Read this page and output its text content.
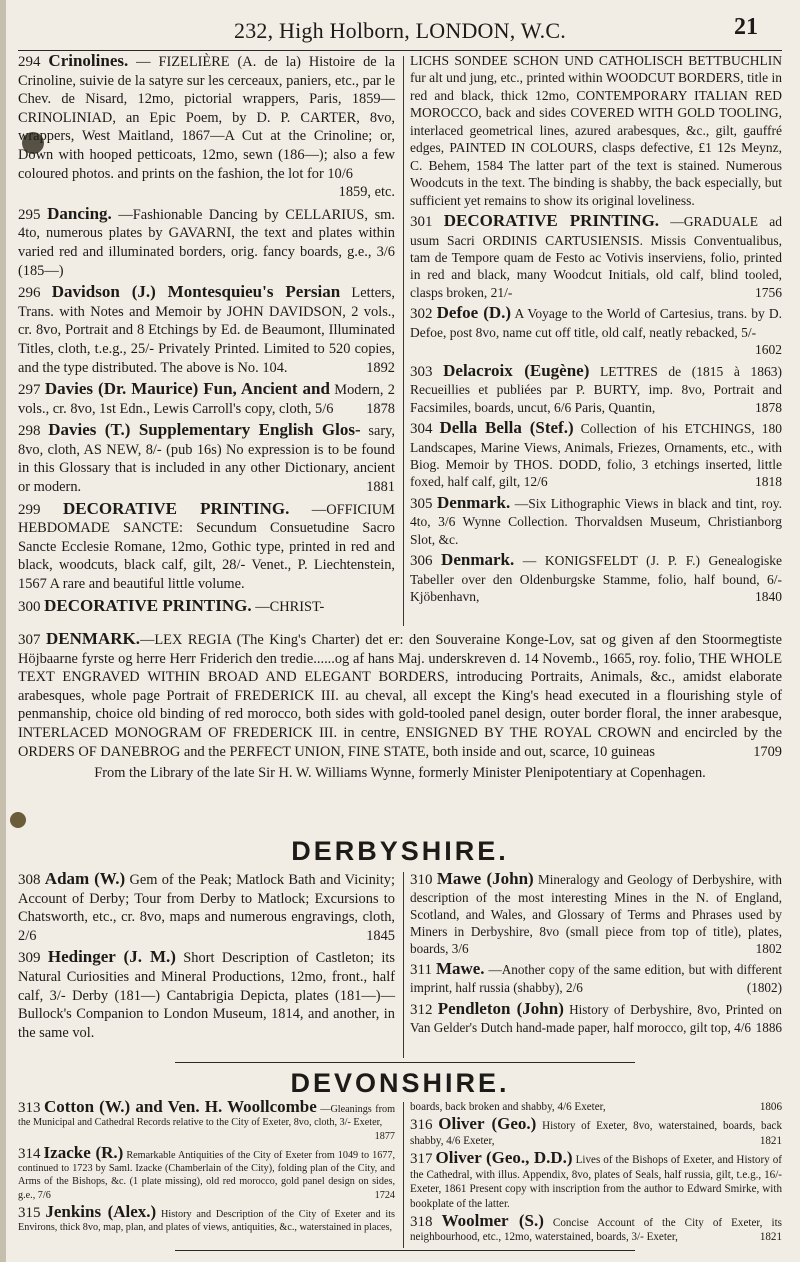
232, High Holborn, LONDON, W.C.	21
294 Crinolines. — FIZELIÈRE (A. de la) Histoire de la Crinoline, suivie de la satyre sur les cerceaux, paniers, etc., par le Chev. de Nisard, 12mo, pictorial wrappers, Paris, 1859—CRINOLINIAD, an Epic Poem, by D. P. CARTER, 8vo, wrappers, West Maitland, 1867—A Cut at the Crinoline; or, Down with hooped petticoats, 12mo, sewn (186—); also a few coloured photos. and prints on the fashion, the lot for 10/6
1859, etc.
295 Dancing. —Fashionable Dancing by CELLARIUS, sm. 4to, numerous plates by GAVARNI, the text and plates within varied red and illuminated borders, orig. fancy boards, g.e., 3/6 (185—)
296 Davidson (J.) Montesquieu's Persian Letters, Trans. with Notes and Memoir by JOHN DAVIDSON, 2 vols., cr. 8vo, Portrait and 8 Etchings by Ed. de Beaumont, Illuminated Titles, cloth, t.e.g., 25/- Privately Printed. Limited to 520 copies, and the type distributed. The above is No. 104.	1892
297 Davies (Dr. Maurice) Fun, Ancient and Modern, 2 vols., cr. 8vo, 1st Edn., Lewis Carroll's copy, cloth, 5/6 1878
298 Davies (T.) Supplementary English Glos- sary, 8vo, cloth, AS NEW, 8/- (pub 16s) No expression is to be found in this Glossary that is included in any other Dictionary, ancient or modern.	1881
299 DECORATIVE PRINTING. —OFFICIUM HEBDOMADE SANCTE: Secundum Consuetudine Sacro Sancte Ecclesie Romane, 12mo, Gothic type, printed in red and black, woodcuts, black calf, gilt, 28/- Venet., P. Liechtenstein, 1567 A rare and beautiful little volume.
300 DECORATIVE PRINTING. —CHRIST-
LICHS SONDEE SCHON UND CATHOLISCH BETTBUCHLIN fur alt und jung, etc., printed within WOODCUT BORDERS, title in red and black, thick 12mo, CONTEMPORARY ITALIAN RED MOROCCO, back and sides COVERED WITH GOLD TOOLING, interlaced geometrical lines, azured arabesques, &c., gilt, gauffré edges, PAINTED IN COLOURS, clasps defective, £1 12s Meynz, C. Behem, 1584 The latter part of the text is stained. Numerous Woodcuts in the text. The binding is shabby, the back especially, but sufficient yet remains to show its original loveliness.
301 DECORATIVE PRINTING. —GRADUALE ad usum Sacri ORDINIS CARTUSIENSIS. Missis Conventualibus, tam de Tempore quam de Festo ac Votivis inserviens, folio, printed in red and black, many Woodcut Initials, old calf, blind tooled, clasps broken, 21/-	1756
302 Defoe (D.) A Voyage to the World of Cartesius, trans. by D. Defoe, post 8vo, name cut off title, old calf, neatly rebacked, 5/-
1602
303 Delacroix (Eugène) LETTRES de (1815 à 1863) Recueillies et publiées par P. BURTY, imp. 8vo, Portrait and Facsimiles, boards, uncut, 6/6 Paris, Quantin,	1878
304 Della Bella (Stef.) Collection of his ETCHINGS, 180 Landscapes, Marine Views, Animals, Friezes, Ornaments, etc., with Biog. Memoir by THOS. DODD, folio, 3 etchings inserted, little foxed, half calf, gilt, 12/6	1818
305 Denmark. —Six Lithographic Views in black and tint, roy. 4to, 3/6 Wynne Collection. Thorvaldsen Museum, Christianborg Slot, &c.
306 Denmark. — KONIGSFELDT (J. P. F.) Genealogiske Tabeller over den Oldenburgske Stamme, folio, half bound, 6/- Kjöbenhavn,	1840
307 DENMARK.—LEX REGIA (The King's Charter) det er: den Souveraine Konge-Lov, sat og given af den Stoormegtiste Höjbaarne fyrste og herre Herr Friderich den tredie......og af hans Maj. underskreven d. 14 Novemb., 1665, roy. folio, THE WHOLE TEXT ENGRAVED WITHIN BROAD AND ELEGANT BORDERS, introducing Portraits, Animals, &c., amidst elaborate arabesques, whole page Portrait of FREDERICK III. au cheval, all except the King's head executed in a flourishing style of penmanship, choice old binding of red morocco, both sides with gold-tooled panel design, outer border floral, the inner arabesque, INTERLACED MONOGRAM OF FREDERICK III. in centre, ENSIGNED BY THE ROYAL CROWN and encircled by the ORDERS OF DANEBROG and the PERFECT UNION, FINE STATE, both inside and out, scarce, 10 guineas	1709
From the Library of the late Sir H. W. Williams Wynne, formerly Minister Plenipotentiary at Copenhagen.
DERBYSHIRE.
308 Adam (W.) Gem of the Peak; Matlock Bath and Vicinity; Account of Derby; Tour from Derby to Matlock; Excursions to Chatsworth, etc., cr. 8vo, maps and numerous engravings, cloth, 2/6	1845
309 Hedinger (J. M.) Short Description of Castleton; its Natural Curiosities and Mineral Productions, 12mo, front., half calf, 3/- Derby (181—) Cantabrigia Depicta, plates (181—)—Bullock's Companion to London Museum, 1814, and another, in the same vol.
310 Mawe (John) Mineralogy and Geology of Derbyshire, with description of the most interesting Mines in the N. of England, Scotland, and Wales, and Glossary of Terms and Phrases used by Miners in Derbyshire, 8vo (small piece from top of title), plates, boards, 3/6	1802
311 Mawe. —Another copy of the same edition, but with different imprint, half russia (shabby), 2/6	(1802)
312 Pendleton (John) History of Derbyshire, 8vo, Printed on Van Gelder's Dutch hand-made paper, half morocco, gilt top, 4/6 1886
DEVONSHIRE.
313 Cotton (W.) and Ven. H. Woollcombe —Gleanings from the Municipal and Cathedral Records relative to the City of Exeter, 8vo, cloth, 3/- Exeter,
1877
314 Izacke (R.) Remarkable Antiquities of the City of Exeter from 1049 to 1677, continued to 1723 by Saml. Izacke (Chamberlain of the City), folding plan of the City, and Arms of the Bishops, &c. (1 plate missing), old red morocco, gold panel design on sides, g.e., 7/6	1724
315 Jenkins (Alex.) History and Description of the City of Exeter and its Environs, thick 8vo, map, plan, and plates of views, antiquities, &c., waterstained in places,
boards, back broken and shabby, 4/6 Exeter,	1806
316 Oliver (Geo.) History of Exeter, 8vo, waterstained, boards, back shabby, 4/6 Exeter,	1821
317 Oliver (Geo., D.D.) Lives of the Bishops of Exeter, and History of the Cathedral, with illus. Appendix, 8vo, plates of Seals, half russia, gilt, t.e.g., 16/- Exeter, 1861 Present copy with inscription from the author to Edward Smirke, with bookplate of the latter.
318 Woolmer (S.) Concise Account of the City of Exeter, its neighbourhood, etc., 12mo, waterstained, boards, 3/- Exeter,	1821
